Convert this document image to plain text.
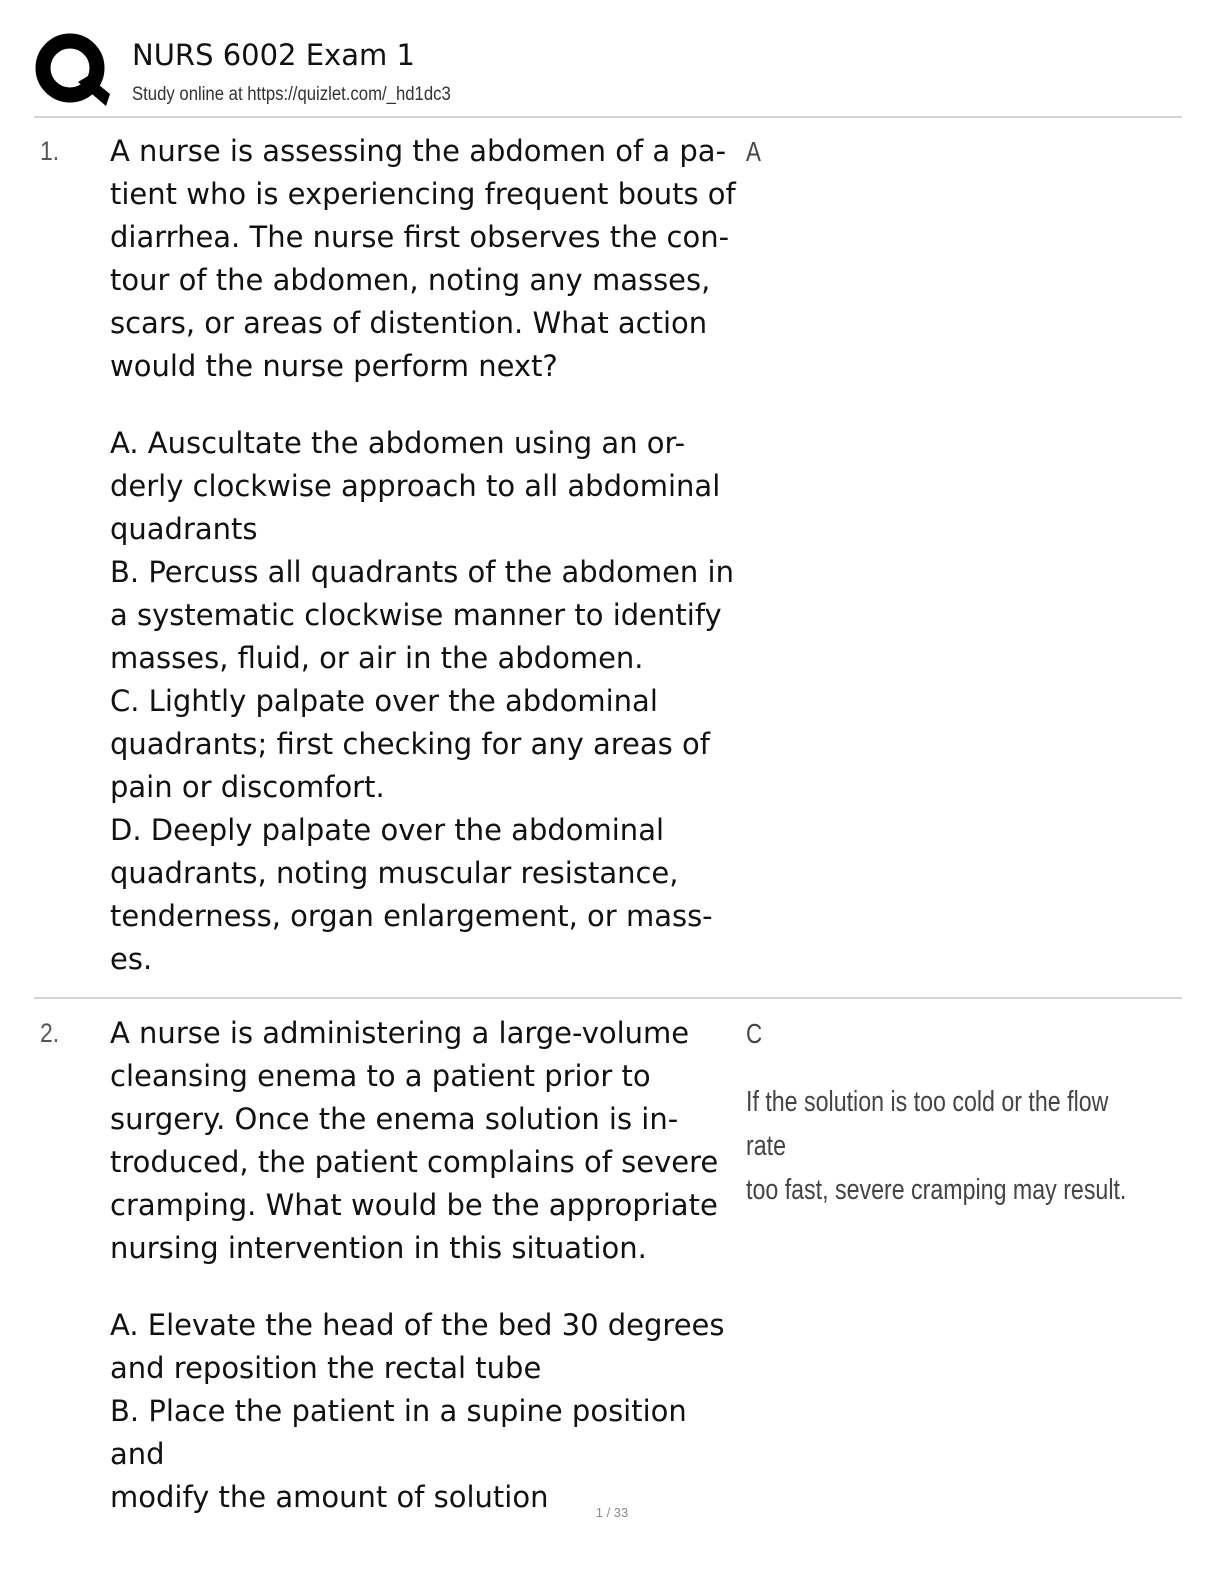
NURS 6002 Exam 1
Study online at https://quizlet.com/_hd1dc3
1. A nurse is assessing the abdomen of a pa-
tient who is experiencing frequent bouts of
diarrhea. The nurse first observes the con-
tour of the abdomen, noting any masses,
scars, or areas of distention. What action
would the nurse perform next?

A. Auscultate the abdomen using an or-
derly clockwise approach to all abdominal
quadrants
B. Percuss all quadrants of the abdomen in
a systematic clockwise manner to identify
masses, fluid, or air in the abdomen.
C. Lightly palpate over the abdominal
quadrants; first checking for any areas of
pain or discomfort.
D. Deeply palpate over the abdominal
quadrants, noting muscular resistance,
tenderness, organ enlargement, or mass-
es.
A
2. A nurse is administering a large-volume
cleansing enema to a patient prior to
surgery. Once the enema solution is in-
troduced, the patient complains of severe
cramping. What would be the appropriate
nursing intervention in this situation.

A. Elevate the head of the bed 30 degrees
and reposition the rectal tube
B. Place the patient in a supine position and
modify the amount of solution
C
If the solution is too cold or the flow rate
too fast, severe cramping may result.
1 / 33
